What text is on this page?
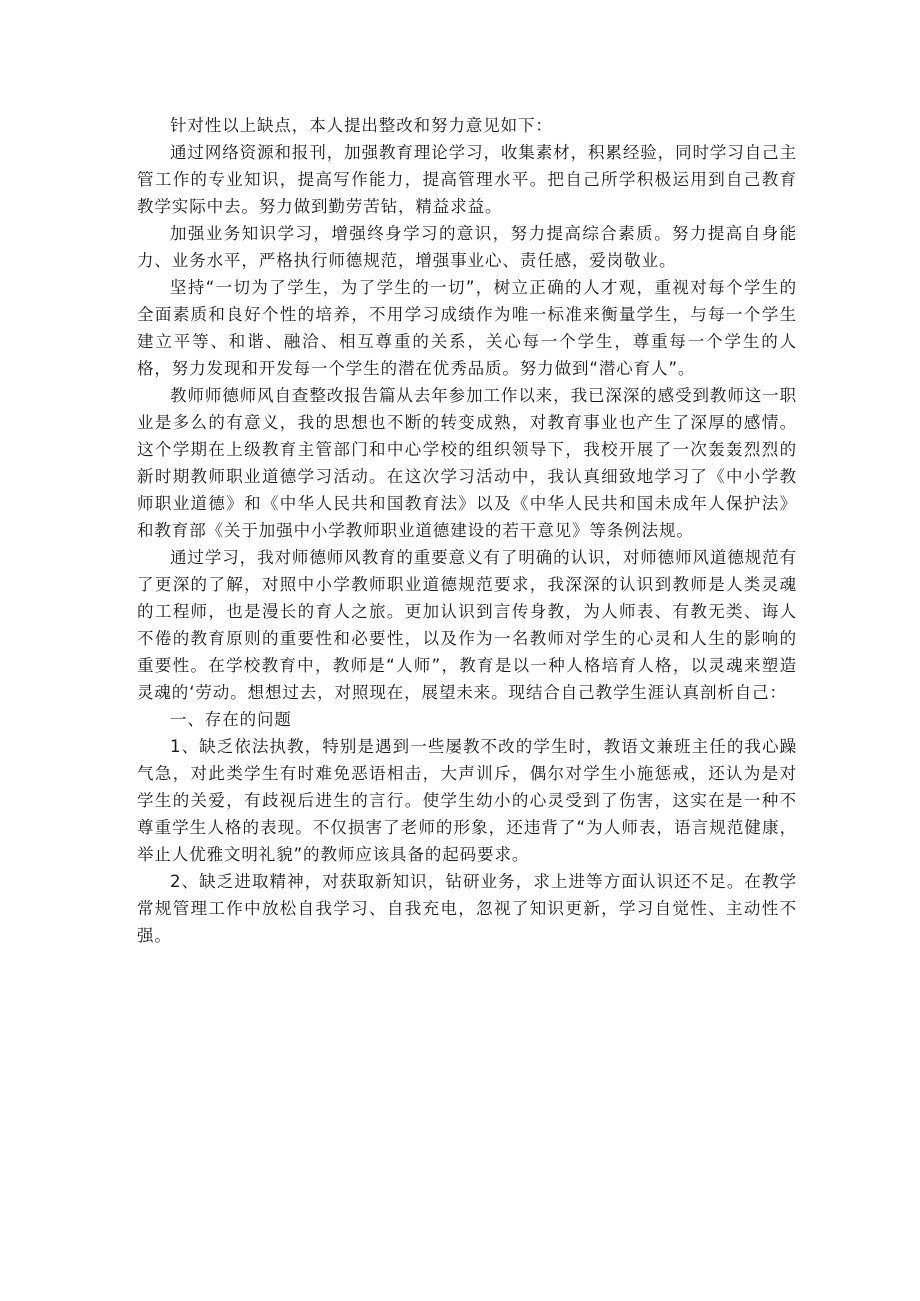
针对性以上缺点，本人提出整改和努力意见如下：

通过网络资源和报刊，加强教育理论学习，收集素材，积累经验，同时学习自己主管工作的专业知识，提高写作能力，提高管理水平。把自己所学积极运用到自己教育教学实际中去。努力做到勤劳苦钻，精益求益。

加强业务知识学习，增强终身学习的意识，努力提高综合素质。努力提高自身能力、业务水平，严格执行师德规范，增强事业心、责任感，爱岗敬业。

坚持“一切为了学生，为了学生的一切”，树立正确的人才观，重视对每个学生的全面素质和良好个性的培养，不用学习成绩作为唯一标准来衡量学生，与每一个学生建立平等、和谐、融洽、相互尊重的关系，关心每一个学生，尊重每一个学生的人格，努力发现和开发每一个学生的潜在优秀品质。努力做到“潜心育人”。

教师师德师风自查整改报告篇从去年参加工作以来，我已深深的感受到教师这一职业是多么的有意义，我的思想也不断的转变成熟，对教育事业也产生了深厚的感情。这个学期在上级教育主管部门和中心学校的组织领导下，我校开展了一次轰轰烈烈的新时期教师职业道德学习活动。在这次学习活动中，我认真细致地学习了《中小学教师职业道德》和《中华人民共和国教育法》以及《中华人民共和国未成年人保护法》和教育部《关于加强中小学教师职业道德建设的若干意见》等条例法规。

通过学习，我对师德师风教育的重要意义有了明确的认识，对师德师风道德规范有了更深的了解，对照中小学教师职业道德规范要求，我深深的认识到教师是人类灵魂的工程师，也是漫长的育人之旅。更加认识到言传身教，为人师表、有教无类、诲人不倦的教育原则的重要性和必要性，以及作为一名教师对学生的心灵和人生的影响的重要性。在学校教育中，教师是“人师”，教育是以一种人格培育人格，以灵魂来塑造灵魂的‘劳动。想想过去，对照现在，展望未来。现结合自己教学生涯认真剖析自己：

一、存在的问题

1、缺乏依法执教，特别是遇到一些屡教不改的学生时，教语文兼班主任的我心躁气急，对此类学生有时难免恶语相击，大声训斥，偶尔对学生小施惩戒，还认为是对学生的关爱，有歧视后进生的言行。使学生幼小的心灵受到了伤害，这实在是一种不尊重学生人格的表现。不仅损害了老师的形象，还违背了“为人师表，语言规范健康，举止人优雅文明礼貌”的教师应该具备的起码要求。

2、缺乏进取精神，对获取新知识，钻研业务，求上进等方面认识还不足。在教学常规管理工作中放松自我学习、自我充电，忽视了知识更新，学习自觉性、主动性不强。
